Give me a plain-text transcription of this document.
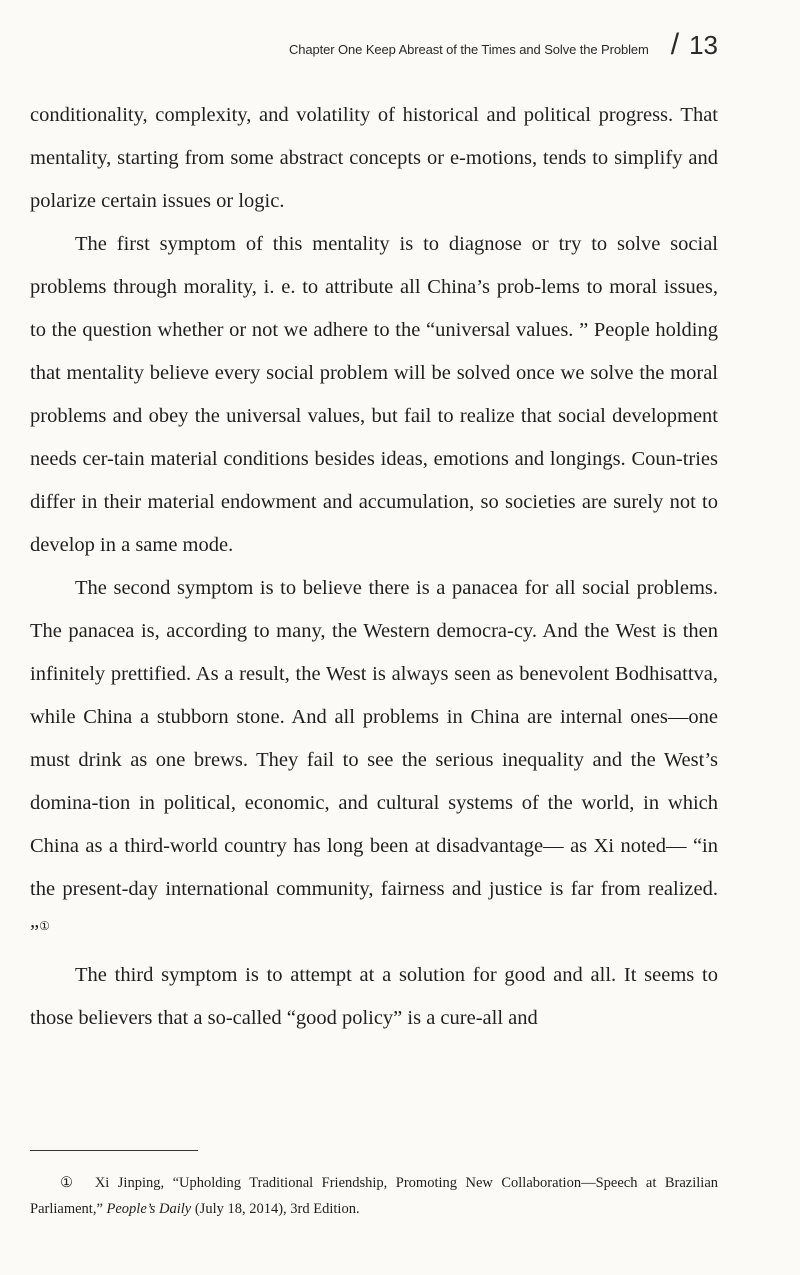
Chapter One Keep Abreast of the Times and Solve the Problem / 13

conditionality, complexity, and volatility of historical and political progress. That mentality, starting from some abstract concepts or e-motions, tends to simplify and polarize certain issues or logic.

The first symptom of this mentality is to diagnose or try to solve social problems through morality, i. e. to attribute all China’s prob-lems to moral issues, to the question whether or not we adhere to the “universal values. ” People holding that mentality believe every social problem will be solved once we solve the moral problems and obey the universal values, but fail to realize that social development needs cer-tain material conditions besides ideas, emotions and longings. Coun-tries differ in their material endowment and accumulation, so societies are surely not to develop in a same mode.

The second symptom is to believe there is a panacea for all social problems. The panacea is, according to many, the Western democra-cy. And the West is then infinitely prettified. As a result, the West is always seen as benevolent Bodhisattva, while China a stubborn stone. And all problems in China are internal ones—one must drink as one brews. They fail to see the serious inequality and the West’s domina-tion in political, economic, and cultural systems of the world, in which China as a third-world country has long been at disadvantage— as Xi noted— “in the present-day international community, fairness and justice is far from realized. ”①

The third symptom is to attempt at a solution for good and all. It seems to those believers that a so-called “good policy” is a cure-all and

① Xi Jinping, “Upholding Traditional Friendship, Promoting New Collaboration—Speech at Brazilian Parliament,” People’s Daily (July 18, 2014), 3rd Edition.
